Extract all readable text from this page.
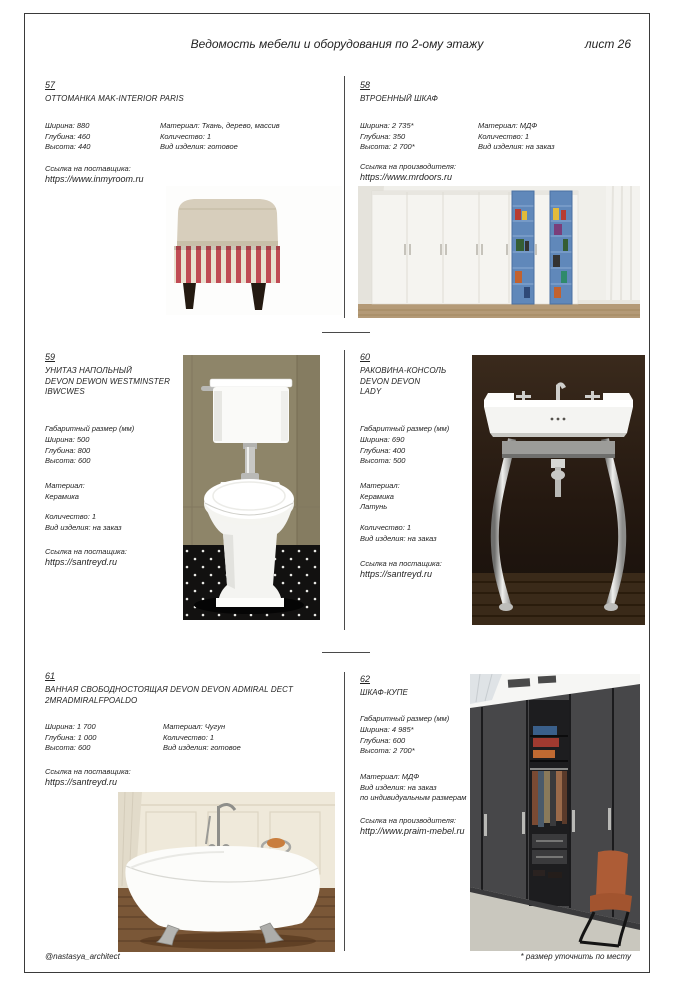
Ведомость мебели и оборудования по 2-ому этажу	лист 26
57
ОТТОМАНКА MAK-INTERIOR PARIS
Ширина: 880
Глубина: 460
Высота: 440
Материал: Ткань, дерево, массив
Количество: 1
Вид изделия: готовое
Ссылка на поставщика:
https://www.inmyroom.ru
58
ВТРОЕННЫЙ ШКАФ
Ширина: 2 735*
Глубина: 350
Высота: 2 700*
Материал: МДФ
Количество: 1
Вид изделия: на заказ
Ссылка на производителя:
https://www.mrdoors.ru
59
УНИТАЗ НАПОЛЬНЫЙ
DEVON DEWON WESTMINSTER
IBWCWES
Габаритный размер (мм)
Ширина: 500
Глубина: 800
Высота: 600
Материал:
Керамика
Количество: 1
Вид изделия: на заказ
Ссылка на постащика:
https://santreyd.ru
60
РАКОВИНА-КОНСОЛЬ
DEVON DEVON
LADY
Габаритный размер (мм)
Ширина: 690
Глубина: 400
Высота: 500
Материал:
Керамика
Латунь
Количество: 1
Вид изделия: на заказ
Ссылка на постащика:
https://santreyd.ru
61
ВАННАЯ СВОБОДНОСТОЯЩАЯ DEVON DEVON ADMIRAL DECT
2MRADMIRALFPOALDO
Ширина: 1 700
Глубина: 1 000
Высота: 600
Материал: Чугун
Количество: 1
Вид изделия: готовое
Ссылка на поставщика:
https://santreyd.ru
62
ШКАФ-КУПЕ
Габаритный размер (мм)
Ширина: 4 985*
Глубина: 600
Высота: 2 700*
Материал: МДФ
Вид изделия: на заказ
по индивидуальным размерам
Ссылка на производителя:
http://www.praim-mebel.ru
@nastasya_architect	* размер уточнить по месту
